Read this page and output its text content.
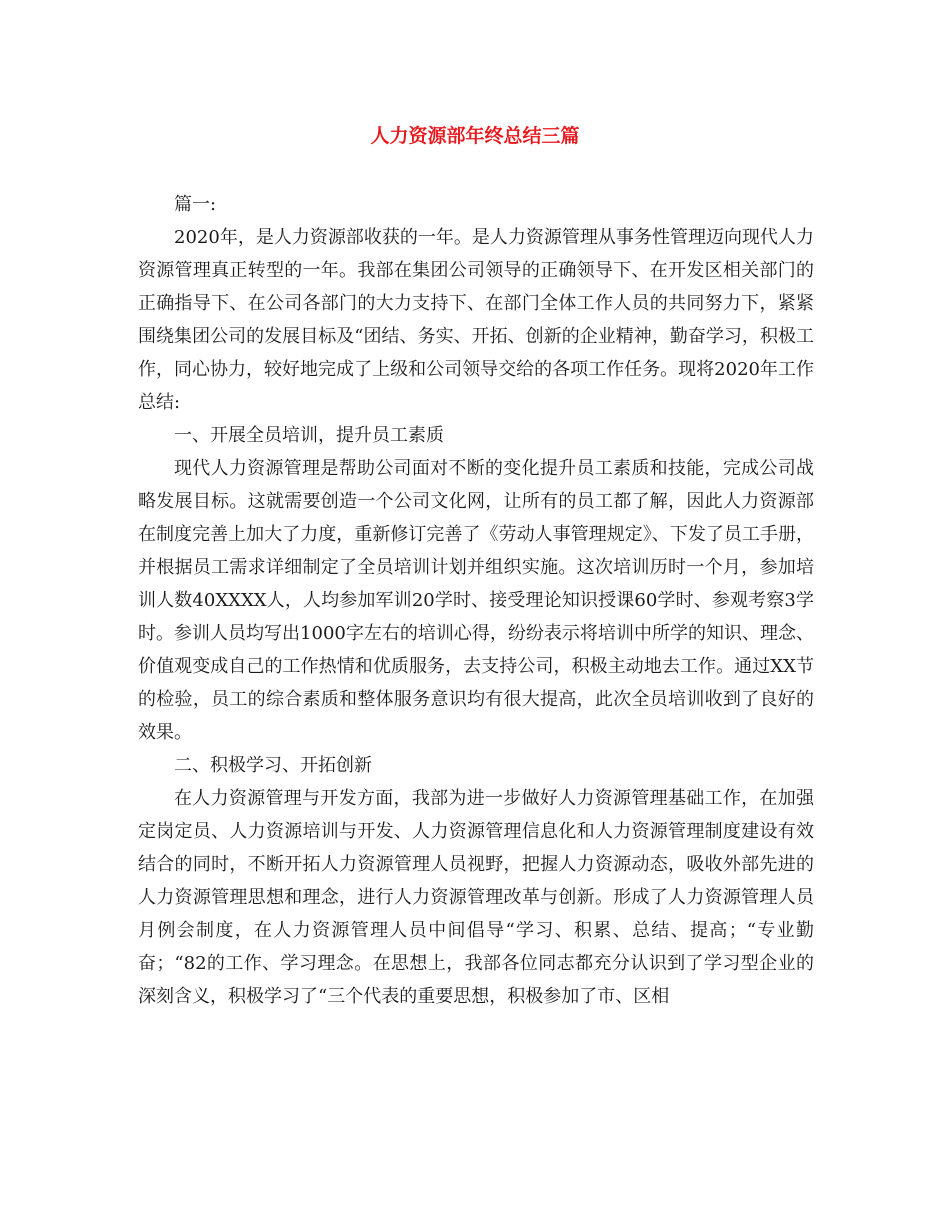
人力资源部年终总结三篇

篇一:

2020年，是人力资源部收获的一年。是人力资源管理从事务性管理迈向现代人力资源管理真正转型的一年。我部在集团公司领导的正确领导下、在开发区相关部门的正确指导下、在公司各部门的大力支持下、在部门全体工作人员的共同努力下，紧紧围绕集团公司的发展目标及“团结、务实、开拓、创新的企业精神，勤奋学习，积极工作，同心协力，较好地完成了上级和公司领导交给的各项工作任务。现将2020年工作总结:

一、开展全员培训，提升员工素质

现代人力资源管理是帮助公司面对不断的变化提升员工素质和技能，完成公司战略发展目标。这就需要创造一个公司文化网，让所有的员工都了解，因此人力资源部在制度完善上加大了力度，重新修订完善了《劳动人事管理规定》、下发了员工手册，并根据员工需求详细制定了全员培训计划并组织实施。这次培训历时一个月，参加培训人数40XXXX人，人均参加军训20学时、接受理论知识授课60学时、参观考察3学时。参训人员均写出1000字左右的培训心得，纷纷表示将培训中所学的知识、理念、价值观变成自己的工作热情和优质服务，去支持公司，积极主动地去工作。通过XX节的检验，员工的综合素质和整体服务意识均有很大提高，此次全员培训收到了良好的效果。

二、积极学习、开拓创新

在人力资源管理与开发方面，我部为进一步做好人力资源管理基础工作，在加强定岗定员、人力资源培训与开发、人力资源管理信息化和人力资源管理制度建设有效结合的同时，不断开拓人力资源管理人员视野，把握人力资源动态，吸收外部先进的人力资源管理思想和理念，进行人力资源管理改革与创新。形成了人力资源管理人员月例会制度，在人力资源管理人员中间倡导“学习、积累、总结、提高；“专业勤奋；“82的工作、学习理念。在思想上，我部各位同志都充分认识到了学习型企业的深刻含义，积极学习了“三个代表的重要思想，积极参加了市、区相
